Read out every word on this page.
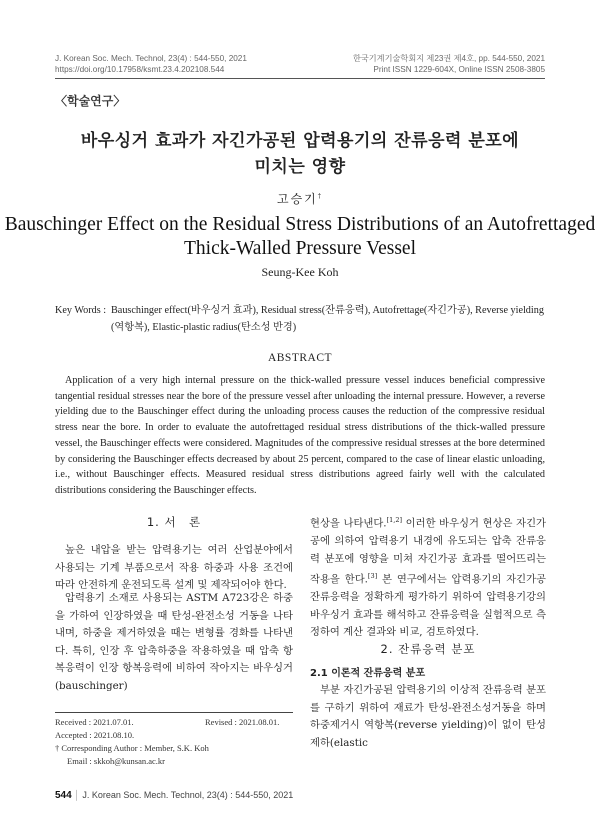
J. Korean Soc. Mech. Technol, 23(4) : 544-550, 2021
https://doi.org/10.17958/ksmt.23.4.202108.544
한국기계기술학회지 제23권 제4호, pp. 544-550, 2021
Print ISSN 1229-604X, Online ISSN 2508-3805
〈학술연구〉
바우싱거 효과가 자긴가공된 압력용기의 잔류응력 분포에
미치는 영향
고승기†
Bauschinger Effect on the Residual Stress Distributions of an Autofrettaged
Thick-Walled Pressure Vessel
Seung-Kee Koh
Key Words : Bauschinger effect(바우싱거 효과), Residual stress(잔류응력), Autofrettage(자긴가공), Reverse yielding
(역항복), Elastic-plastic radius(탄소성 반경)
ABSTRACT
Application of a very high internal pressure on the thick-walled pressure vessel induces beneficial compressive tangential residual stresses near the bore of the pressure vessel after unloading the internal pressure. However, a reverse yielding due to the Bauschinger effect during the unloading process causes the reduction of the compressive residual stress near the bore. In order to evaluate the autofrettaged residual stress distributions of the thick-walled pressure vessel, the Bauschinger effects were considered. Magnitudes of the compressive residual stresses at the bore determined by considering the Bauschinger effects decreased by about 25 percent, compared to the case of linear elastic unloading, i.e., without Bauschinger effects. Measured residual stress distributions agreed fairly well with the calculated distributions considering the Bauschinger effects.
1. 서　론
높은 내압을 받는 압력용기는 여러 산업분야에서 사용되는 기계 부품으로서 작용 하중과 사용 조건에 따라 안전하게 운전되도록 설계 및 제작되어야 한다.
압력용기 소재로 사용되는 ASTM A723강은 하중을 가하여 인장하였을 때 탄성-완전소성 거동을 나타내며, 하중을 제거하였을 때는 변형률 경화를 나타낸다. 특히, 인장 후 압축하중을 작용하였을 때 압축 항복응력이 인장 항복응력에 비하여 작아지는 바우싱거(bauschinger)
현상을 나타낸다.[1,2] 이러한 바우싱거 현상은 자긴가공에 의하여 압력용기 내경에 유도되는 압축 잔류응력 분포에 영향을 미쳐 자긴가공 효과를 떨어뜨리는 작용을 한다.[3] 본 연구에서는 압력용기의 자긴가공 잔류응력을 정확하게 평가하기 위하여 압력용기강의 바우싱거 효과를 해석하고 잔류응력을 실험적으로 측정하여 계산 결과와 비교, 검토하였다.
2. 잔류응력 분포
2.1 이론적 잔류응력 분포
부분 자긴가공된 압력용기의 이상적 잔류응력 분포를 구하기 위하여 재료가 탄성-완전소성거동을 하며 하중제거시 역항복(reverse yielding)이 없이 탄성제하(elastic
Received : 2021.07.01.	Revised : 2021.08.01.
Accepted : 2021.08.10.
† Corresponding Author : Member, S.K. Koh
Email : skkoh@kunsan.ac.kr
544 │ J. Korean Soc. Mech. Technol, 23(4) : 544-550, 2021
